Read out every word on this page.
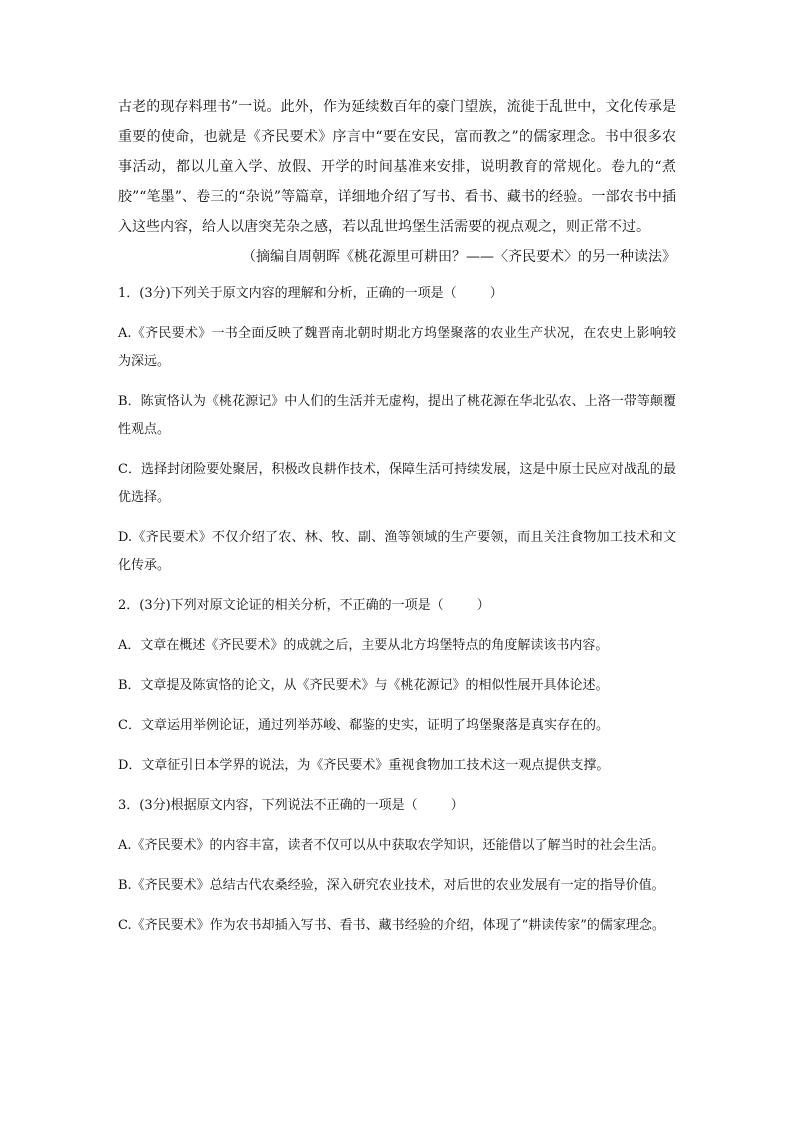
古老的现存料理书”一说。此外，作为延续数百年的豪门望族，流徙于乱世中，文化传承是重要的使命，也就是《齐民要术》序言中“要在安民，富而教之”的儒家理念。书中很多农事活动，都以儿童入学、放假、开学的时间基准来安排，说明教育的常规化。卷九的“煮胶”“笔墨”、卷三的“杂说”等篇章，详细地介绍了写书、看书、藏书的经验。一部农书中插入这些内容，给人以唐突芜杂之感，若以乱世坞堡生活需要的视点观之，则正常不过。

（摘编自周朝晖《桃花源里可耕田？——〈齐民要术〉的另一种读法》

1．(3分)下列关于原文内容的理解和分析，正确的一项是（        ）

A.《齐民要术》一书全面反映了魏晋南北朝时期北方坞堡聚落的农业生产状况，在农史上影响较为深远。

B．陈寅恪认为《桃花源记》中人们的生活并无虚构，提出了桃花源在华北弘农、上洛一带等颠覆性观点。

C．选择封闭险要处聚居，积极改良耕作技术，保障生活可持续发展，这是中原士民应对战乱的最优选择。

D.《齐民要术》不仅介绍了农、林、牧、副、渔等领域的生产要领，而且关注食物加工技术和文化传承。

2．(3分)下列对原文论证的相关分析，不正确的一项是（        ）

A．文章在概述《齐民要术》的成就之后，主要从北方坞堡特点的角度解读该书内容。

B．文章提及陈寅恪的论文，从《齐民要术》与《桃花源记》的相似性展开具体论述。

C．文章运用举例论证，通过列举苏峻、郗鉴的史实，证明了坞堡聚落是真实存在的。

D．文章征引日本学界的说法，为《齐民要术》重视食物加工技术这一观点提供支撑。

3．(3分)根据原文内容，下列说法不正确的一项是（        ）

A.《齐民要术》的内容丰富，读者不仅可以从中获取农学知识，还能借以了解当时的社会生活。

B.《齐民要术》总结古代农桑经验，深入研究农业技术，对后世的农业发展有一定的指导价值。

C.《齐民要术》作为农书却插入写书、看书、藏书经验的介绍，体现了“耕读传家”的儒家理念。
